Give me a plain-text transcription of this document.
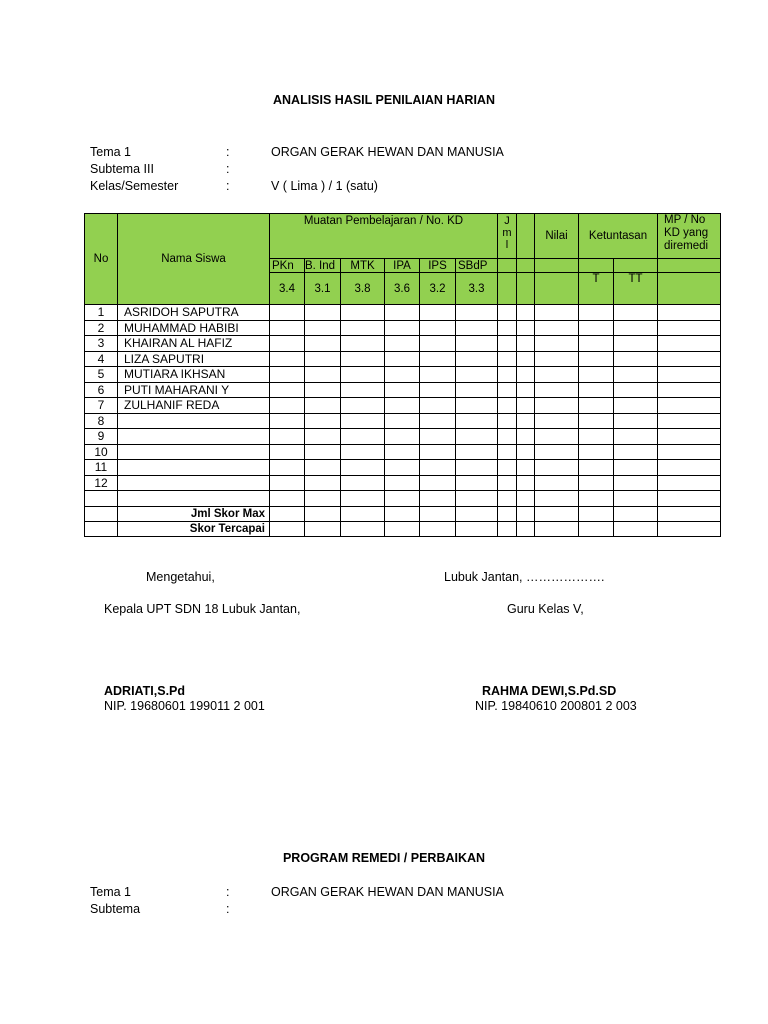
ANALISIS HASIL PENILAIAN HARIAN
Tema 1	:	ORGAN GERAK HEWAN DAN MANUSIA
Subtema III	:
Kelas/Semester	:	V ( Lima ) / 1 (satu)
No	Nama Siswa	Muatan Pembelajaran / No. KD						J m l		Nilai	Ketuntasan		MP / No KD yang diremedi
		PKn	B. Ind	MTK	IPA	IPS	SBdP						
		3.4	3.1	3.8	3.6	3.2	3.3				T	TT	
1	ASRIDOH SAPUTRA												
2	MUHAMMAD HABIBI												
3	KHAIRAN AL HAFIZ												
4	LIZA SAPUTRI												
5	MUTIARA IKHSAN												
6	PUTI MAHARANI Y												
7	ZULHANIF REDA												
8													
9													
10													
11													
12													

	Jml Skor Max												
	Skor Tercapai												
Mengetahui,	Lubuk Jantan, ……………….
Kepala UPT SDN 18 Lubuk Jantan,	Guru Kelas V,
ADRIATI,S.Pd
NIP. 19680601 199011 2 001
RAHMA DEWI,S.Pd.SD
NIP. 19840610 200801 2 003
PROGRAM REMEDI / PERBAIKAN
Tema 1	:	ORGAN GERAK HEWAN DAN MANUSIA
Subtema	:
